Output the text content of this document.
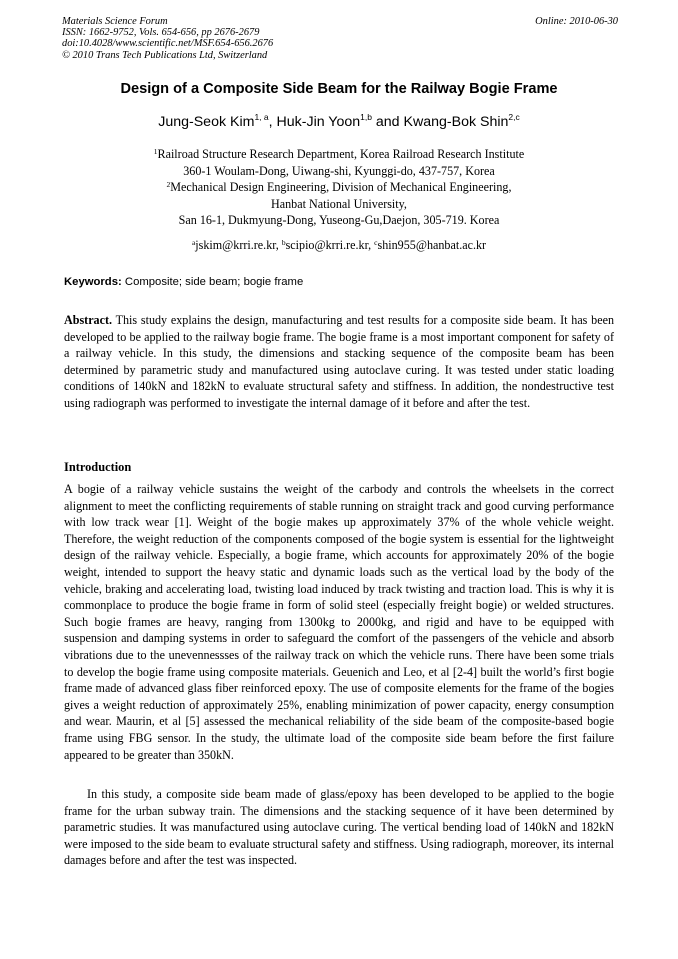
Materials Science Forum
ISSN: 1662-9752, Vols. 654-656, pp 2676-2679
doi:10.4028/www.scientific.net/MSF.654-656.2676
© 2010 Trans Tech Publications Ltd, Switzerland
Online: 2010-06-30
Design of a Composite Side Beam for the Railway Bogie Frame
Jung-Seok Kim$^{1, a}$, Huk-Jin Yoon$^{1,b}$ and Kwang-Bok Shin$^{2,c}$
$^1$Railroad Structure Research Department, Korea Railroad Research Institute
360-1 Woulam-Dong, Uiwang-shi, Kyunggi-do, 437-757, Korea
$^2$Mechanical Design Engineering, Division of Mechanical Engineering,
Hanbat National University,
San 16-1, Dukmyung-Dong, Yuseong-Gu,Daejon, 305-719. Korea
$^a$jskim@krri.re.kr, $^b$scipio@krri.re.kr, $^c$shin955@hanbat.ac.kr
Keywords: Composite; side beam; bogie frame

Abstract. This study explains the design, manufacturing and test results for a composite side beam. It has been developed to be applied to the railway bogie frame. The bogie frame is a most important component for safety of a railway vehicle. In this study, the dimensions and stacking sequence of the composite beam has been determined by parametric study and manufactured using autoclave curing. It was tested under static loading conditions of 140kN and 182kN to evaluate structural safety and stiffness. In addition, the nondestructive test using radiograph was performed to investigate the internal damage of it before and after the test.

Introduction

A bogie of a railway vehicle sustains the weight of the carbody and controls the wheelsets in the correct alignment to meet the conflicting requirements of stable running on straight track and good curving performance with low track wear [1]. Weight of the bogie makes up approximately 37% of the whole vehicle weight. Therefore, the weight reduction of the components composed of the bogie system is essential for the lightweight design of the railway vehicle. Especially, a bogie frame, which accounts for approximately 20% of the bogie weight, intended to support the heavy static and dynamic loads such as the vertical load by the body of the vehicle, braking and accelerating load, twisting load induced by track twisting and traction load. This is why it is commonplace to produce the bogie frame in form of solid steel (especially freight bogie) or welded structures. Such bogie frames are heavy, ranging from 1300kg to 2000kg, and rigid and have to be equipped with suspension and damping systems in order to safeguard the comfort of the passengers of the vehicle and absorb vibrations due to the unevennessses of the railway track on which the vehicle runs. There have been some trials to develop the bogie frame using composite materials. Geuenich and Leo, et al [2-4] built the world’s first bogie frame made of advanced glass fiber reinforced epoxy. The use of composite elements for the frame of the bogies gives a weight reduction of approximately 25%, enabling minimization of power capacity, energy consumption and wear. Maurin, et al [5] assessed the mechanical reliability of the side beam of the composite-based bogie frame using FBG sensor. In the study, the ultimate load of the composite side beam before the first failure appeared to be greater than 350kN.

In this study, a composite side beam made of glass/epoxy has been developed to be applied to the bogie frame for the urban subway train. The dimensions and the stacking sequence of it have been determined by parametric studies. It was manufactured using autoclave curing. The vertical bending load of 140kN and 182kN were imposed to the side beam to evaluate structural safety and stiffness. Using radiograph, moreover, its internal damages before and after the test was inspected.
